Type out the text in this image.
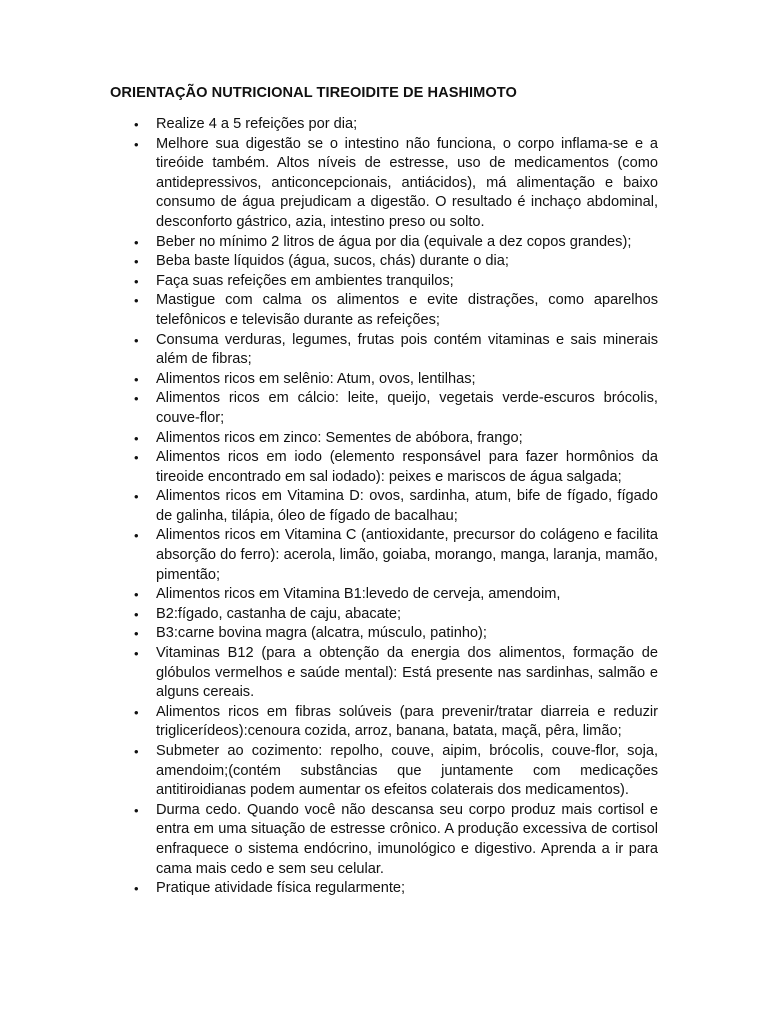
ORIENTAÇÃO NUTRICIONAL TIREOIDITE DE HASHIMOTO
• Realize 4 a 5 refeições por dia;
• Melhore sua digestão se o intestino não funciona, o corpo inflama-se e a tireóide também. Altos níveis de estresse, uso de medicamentos (como antidepressivos, anticoncepcionais, antiácidos), má alimentação e baixo consumo de água prejudicam a digestão. O resultado é inchaço abdominal, desconforto gástrico, azia, intestino preso ou solto.
• Beber no mínimo 2 litros de água por dia (equivale a dez copos grandes);
• Beba baste líquidos (água, sucos, chás) durante o dia;
• Faça suas refeições em ambientes tranquilos;
• Mastigue com calma os alimentos e evite distrações, como aparelhos telefônicos e televisão durante as refeições;
• Consuma verduras, legumes, frutas pois contém vitaminas e sais minerais além de fibras;
• Alimentos ricos em selênio: Atum, ovos, lentilhas;
• Alimentos ricos em cálcio: leite, queijo, vegetais verde-escuros brócolis, couve-flor;
• Alimentos ricos em zinco: Sementes de abóbora, frango;
• Alimentos ricos em iodo (elemento responsável para fazer hormônios da tireoide encontrado em sal iodado): peixes e mariscos de água salgada;
• Alimentos ricos em Vitamina D: ovos, sardinha, atum, bife de fígado, fígado de galinha, tilápia, óleo de fígado de bacalhau;
• Alimentos ricos em Vitamina C (antioxidante, precursor do colágeno e facilita absorção do ferro): acerola, limão, goiaba, morango, manga, laranja, mamão, pimentão;
• Alimentos ricos em Vitamina B1:levedo de cerveja, amendoim,
• B2:fígado, castanha de caju, abacate;
• B3:carne bovina magra (alcatra, músculo, patinho);
• Vitaminas B12 (para a obtenção da energia dos alimentos, formação de glóbulos vermelhos e saúde mental): Está presente nas sardinhas, salmão e alguns cereais.
• Alimentos ricos em fibras solúveis (para prevenir/tratar diarreia e reduzir triglicerídeos):cenoura cozida, arroz, banana, batata, maçã, pêra, limão;
• Submeter ao cozimento: repolho, couve, aipim, brócolis, couve-flor, soja, amendoim;(contém substâncias que juntamente com medicações antitiroidianas podem aumentar os efeitos colaterais dos medicamentos).
• Durma cedo. Quando você não descansa seu corpo produz mais cortisol e entra em uma situação de estresse crônico. A produção excessiva de cortisol enfraquece o sistema endócrino, imunológico e digestivo. Aprenda a ir para cama mais cedo e sem seu celular.
• Pratique atividade física regularmente;
